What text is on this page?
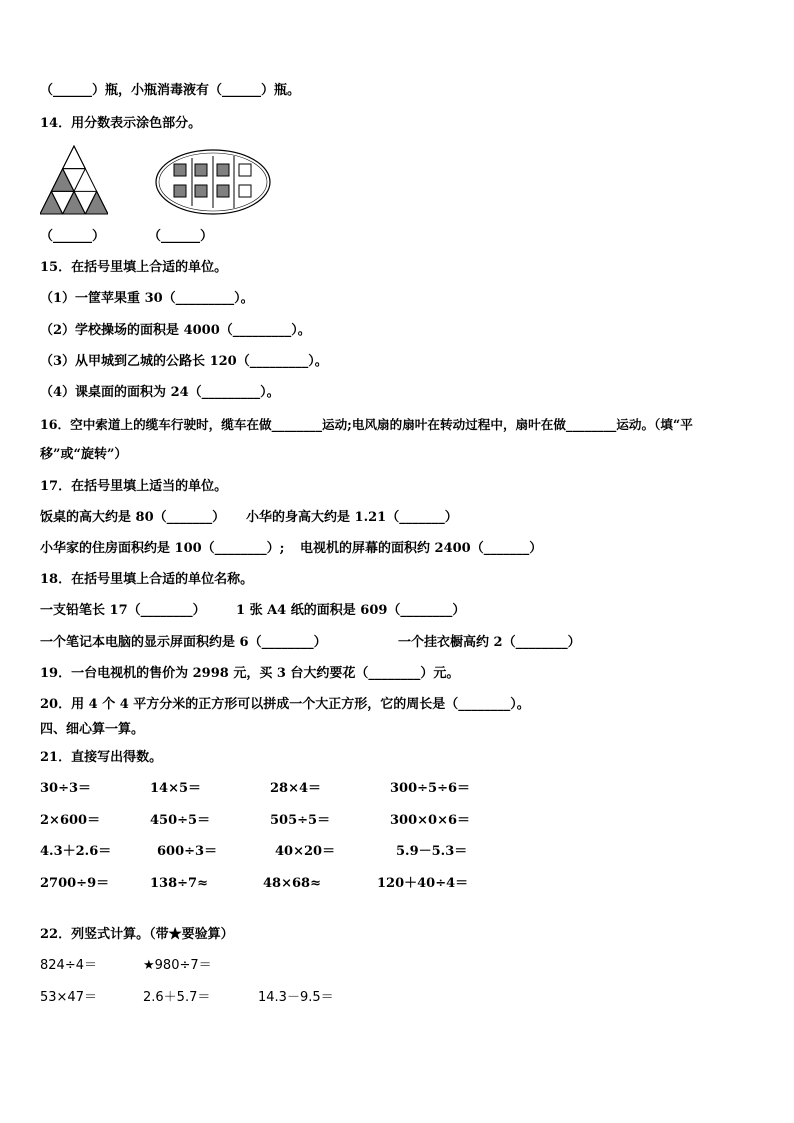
（______）瓶，小瓶消毒液有（______）瓶。
14．用分数表示涂色部分。
（______）	（______）
15．在括号里填上合适的单位。
（1）一筐苹果重 30（_________）。
（2）学校操场的面积是 4000（_________）。
（3）从甲城到乙城的公路长 120（_________）。
（4）课桌面的面积为 24（_________）。
16．空中索道上的缆车行驶时，缆车在做________运动;电风扇的扇叶在转动过程中，扇叶在做________运动。（填“平
移”或“旋转”）
17．在括号里填上适当的单位。
饭桌的高大约是 80（_______） 小华的身高大约是 1.21（_______）
小华家的住房面积约是 100（________）; 电视机的屏幕的面积约 2400（_______）
18．在括号里填上合适的单位名称。
一支铅笔长 17（________） 1 张 A4 纸的面积是 609（________）
一个笔记本电脑的显示屏面积约是 6（________）	一个挂衣橱高约 2（________）
19．一台电视机的售价为 2998 元，买 3 台大约要花（________）元。
20．用 4 个 4 平方分米的正方形可以拼成一个大正方形，它的周长是（________）。
四、细心算一算。
21．直接写出得数。
30÷3＝	14×5＝	28×4＝	300÷5÷6＝
2×600＝	450÷5＝	505÷5＝	300×0×6＝
4.3＋2.6＝	600÷3＝	40×20＝	5.9－5.3＝
2700÷9＝	138÷7≈	48×68≈	120＋40÷4＝
22．列竖式计算。（带★要验算）
824÷4＝	★980÷7＝
53×47＝	2.6＋5.7＝	14.3－9.5＝
